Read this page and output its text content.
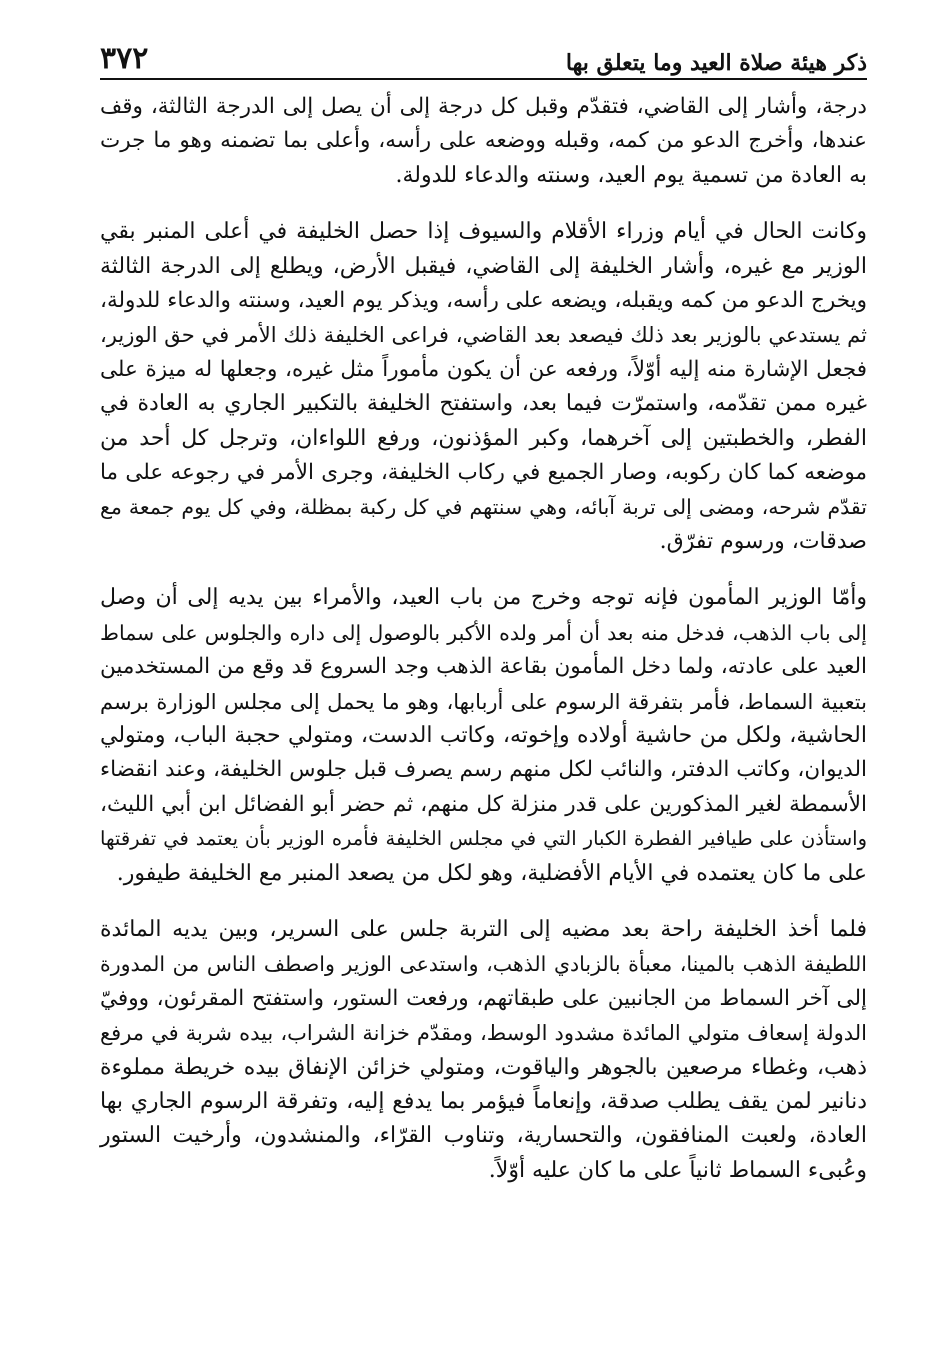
ذكر هيئة صلاة العيد وما يتعلق بها
٣٧٢

درجة، وأشار إلى القاضي، فتقدّم وقبل كل درجة إلى أن يصل إلى الدرجة الثالثة، وقف
عندها، وأخرج الدعو من كمه، وقبله ووضعه على رأسه، وأعلى بما تضمنه وهو ما جرت
به العادة من تسمية يوم العيد، وسنته والدعاء للدولة.

وكانت الحال في أيام وزراء الأقلام والسيوف إذا حصل الخليفة في أعلى المنبر بقي
الوزير مع غيره، وأشار الخليفة إلى القاضي، فيقبل الأرض، ويطلع إلى الدرجة الثالثة
ويخرج الدعو من كمه ويقبله، ويضعه على رأسه، ويذكر يوم العيد، وسنته والدعاء للدولة،
ثم يستدعي بالوزير بعد ذلك فيصعد بعد القاضي، فراعى الخليفة ذلك الأمر في حق الوزير،
فجعل الإشارة منه إليه أوّلاً، ورفعه عن أن يكون مأموراً مثل غيره، وجعلها له ميزة على
غيره ممن تقدّمه، واستمرّت فيما بعد، واستفتح الخليفة بالتكبير الجاري به العادة في
الفطر، والخطبتين إلى آخرهما، وكبر المؤذنون، ورفع اللواءان، وترجل كل أحد من
موضعه كما كان ركوبه، وصار الجميع في ركاب الخليفة، وجرى الأمر في رجوعه على ما
تقدّم شرحه، ومضى إلى تربة آبائه، وهي سنتهم في كل ركبة بمظلة، وفي كل يوم جمعة مع
صدقات، ورسوم تفرّق.

وأمّا الوزير المأمون فإنه توجه وخرج من باب العيد، والأمراء بين يديه إلى أن وصل
إلى باب الذهب، فدخل منه بعد أن أمر ولده الأكبر بالوصول إلى داره والجلوس على سماط
العيد على عادته، ولما دخل المأمون بقاعة الذهب وجد السروع قد وقع من المستخدمين
بتعبية السماط، فأمر بتفرقة الرسوم على أربابها، وهو ما يحمل إلى مجلس الوزارة برسم
الحاشية، ولكل من حاشية أولاده وإخوته، وكاتب الدست، ومتولي حجبة الباب، ومتولي
الديوان، وكاتب الدفتر، والنائب لكل منهم رسم يصرف قبل جلوس الخليفة، وعند انقضاء
الأسمطة لغير المذكورين على قدر منزلة كل منهم، ثم حضر أبو الفضائل ابن أبي الليث،
واستأذن على طيافير الفطرة الكبار التي في مجلس الخليفة فأمره الوزير بأن يعتمد في تفرقتها
على ما كان يعتمده في الأيام الأفضلية، وهو لكل من يصعد المنبر مع الخليفة طيفور.

فلما أخذ الخليفة راحة بعد مضيه إلى التربة جلس على السرير، وبين يديه المائدة
اللطيفة الذهب بالمينا، معبأة بالزبادي الذهب، واستدعى الوزير واصطف الناس من المدورة
إلى آخر السماط من الجانبين على طبقاتهم، ورفعت الستور، واستفتح المقرئون، ووفيّ
الدولة إسعاف متولي المائدة مشدود الوسط، ومقدّم خزانة الشراب، بيده شربة في مرفع
ذهب، وغطاء مرصعين بالجوهر والياقوت، ومتولي خزائن الإنفاق بيده خريطة مملوءة
دنانير لمن يقف يطلب صدقة، وإنعاماً فيؤمر بما يدفع إليه، وتفرقة الرسوم الجاري بها
العادة، ولعبت المنافقون، والتحسارية، وتناوب القرّاء، والمنشدون، وأرخيت الستور
وعُبىء السماط ثانياً على ما كان عليه أوّلاً.
